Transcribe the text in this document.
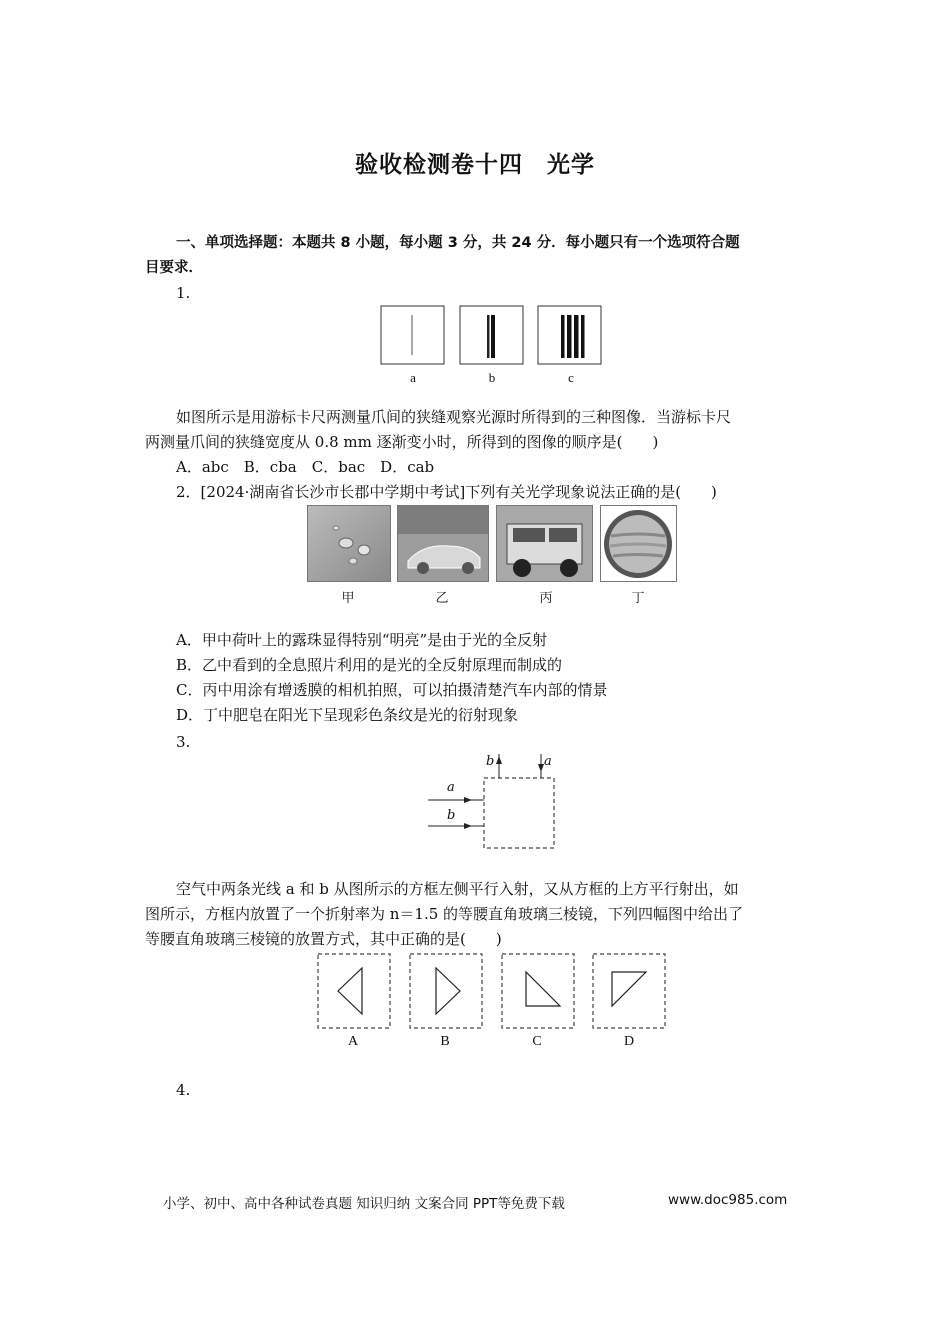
验收检测卷十四　光学
一、单项选择题：本题共 8 小题，每小题 3 分，共 24 分．每小题只有一个选项符合题
目要求．
1.
a	b	c
如图所示是用游标卡尺两测量爪间的狭缝观察光源时所得到的三种图像．当游标卡尺
两测量爪间的狭缝宽度从 0.8 mm 逐渐变小时，所得到的图像的顺序是(　　)
A．abc　B．cba　C．bac　D．cab
2．[2024·湖南省长沙市长郡中学期中考试]下列有关光学现象说法正确的是(　　)
甲	乙	丙	丁
A．甲中荷叶上的露珠显得特别“明亮”是由于光的全反射
B．乙中看到的全息照片利用的是光的全反射原理而制成的
C．丙中用涂有增透膜的相机拍照，可以拍摄清楚汽车内部的情景
D．丁中肥皂在阳光下呈现彩色条纹是光的衍射现象
3.
b	a
a
b
空气中两条光线 a 和 b 从图所示的方框左侧平行入射，又从方框的上方平行射出，如
图所示，方框内放置了一个折射率为 n＝1.5 的等腰直角玻璃三棱镜，下列四幅图中给出了
等腰直角玻璃三棱镜的放置方式，其中正确的是(　　)
A	B	C	D
4.
小学、初中、高中各种试卷真题 知识归纳 文案合同 PPT等免费下载	www.doc985.com
